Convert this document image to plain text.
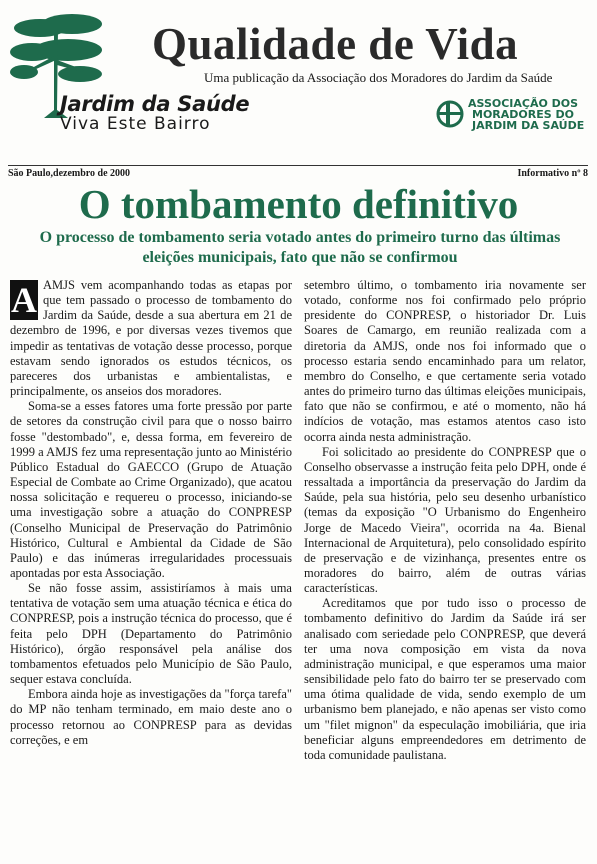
Jardim da Saúde
Viva Este Bairro
Qualidade de Vida
Uma publicação da Associação dos Moradores do Jardim da Saúde
ASSOCIAÇÃO DOS
MORADORES DO
JARDIM DA SAÚDE
São Paulo,dezembro de 2000	Informativo nº 8
O tombamento definitivo
O processo de tombamento seria votado antes do primeiro turno das últimas eleições municipais, fato que não se confirmou

A AMJS vem acompanhando todas as etapas por que tem passado o processo de tombamento do Jardim da Saúde, desde a sua abertura em 21 de dezembro de 1996, e por diversas vezes tivemos que impedir as tentativas de votação desse processo, porque estavam sendo ignorados os estudos técnicos, os pareceres dos urbanistas e ambientalistas, e principalmente, os anseios dos moradores.

Soma-se a esses fatores uma forte pressão por parte de setores da construção civil para que o nosso bairro fosse "destombado", e, dessa forma, em fevereiro de 1999 a AMJS fez uma representação junto ao Ministério Público Estadual do GAECCO (Grupo de Atuação Especial de Combate ao Crime Organizado), que acatou nossa solicitação e requereu o processo, iniciando-se uma investigação sobre a atuação do CONPRESP (Conselho Municipal de Preservação do Patrimônio Histórico, Cultural e Ambiental da Cidade de São Paulo) e das inúmeras irregularidades processuais apontadas por esta Associação.

Se não fosse assim, assistiríamos à mais uma tentativa de votação sem uma atuação técnica e ética do CONPRESP, pois a instrução técnica do processo, que é feita pelo DPH (Departamento do Patrimônio Histórico), órgão responsável pela análise dos tombamentos efetuados pelo Município de São Paulo, sequer estava concluída.

Embora ainda hoje as investigações da "força tarefa" do MP não tenham terminado, em maio deste ano o processo retornou ao CONPRESP para as devidas correções, e em

setembro último, o tombamento iria novamente ser votado, conforme nos foi confirmado pelo próprio presidente do CONPRESP, o historiador Dr. Luis Soares de Camargo, em reunião realizada com a diretoria da AMJS, onde nos foi informado que o processo estaria sendo encaminhado para um relator, membro do Conselho, e que certamente seria votado antes do primeiro turno das últimas eleições municipais, fato que não se confirmou, e até o momento, não há indícios de votação, mas estamos atentos caso isto ocorra ainda nesta administração.

Foi solicitado ao presidente do CONPRESP que o Conselho observasse a instrução feita pelo DPH, onde é ressaltada a importância da preservação do Jardim da Saúde, pela sua história, pelo seu desenho urbanístico (temas da exposição "O Urbanismo do Engenheiro Jorge de Macedo Vieira", ocorrida na 4a. Bienal Internacional de Arquitetura), pelo consolidado espírito de preservação e de vizinhança, presentes entre os moradores do bairro, além de outras várias características.

Acreditamos que por tudo isso o processo de tombamento definitivo do Jardim da Saúde irá ser analisado com seriedade pelo CONPRESP, que deverá ter uma nova composição em vista da nova administração municipal, e que esperamos uma maior sensibilidade pelo fato do bairro ter se preservado com uma ótima qualidade de vida, sendo exemplo de um urbanismo bem planejado, e não apenas ser visto como um "filet mignon" da especulação imobiliária, que iria beneficiar alguns empreendedores em detrimento de toda comunidade paulistana.
